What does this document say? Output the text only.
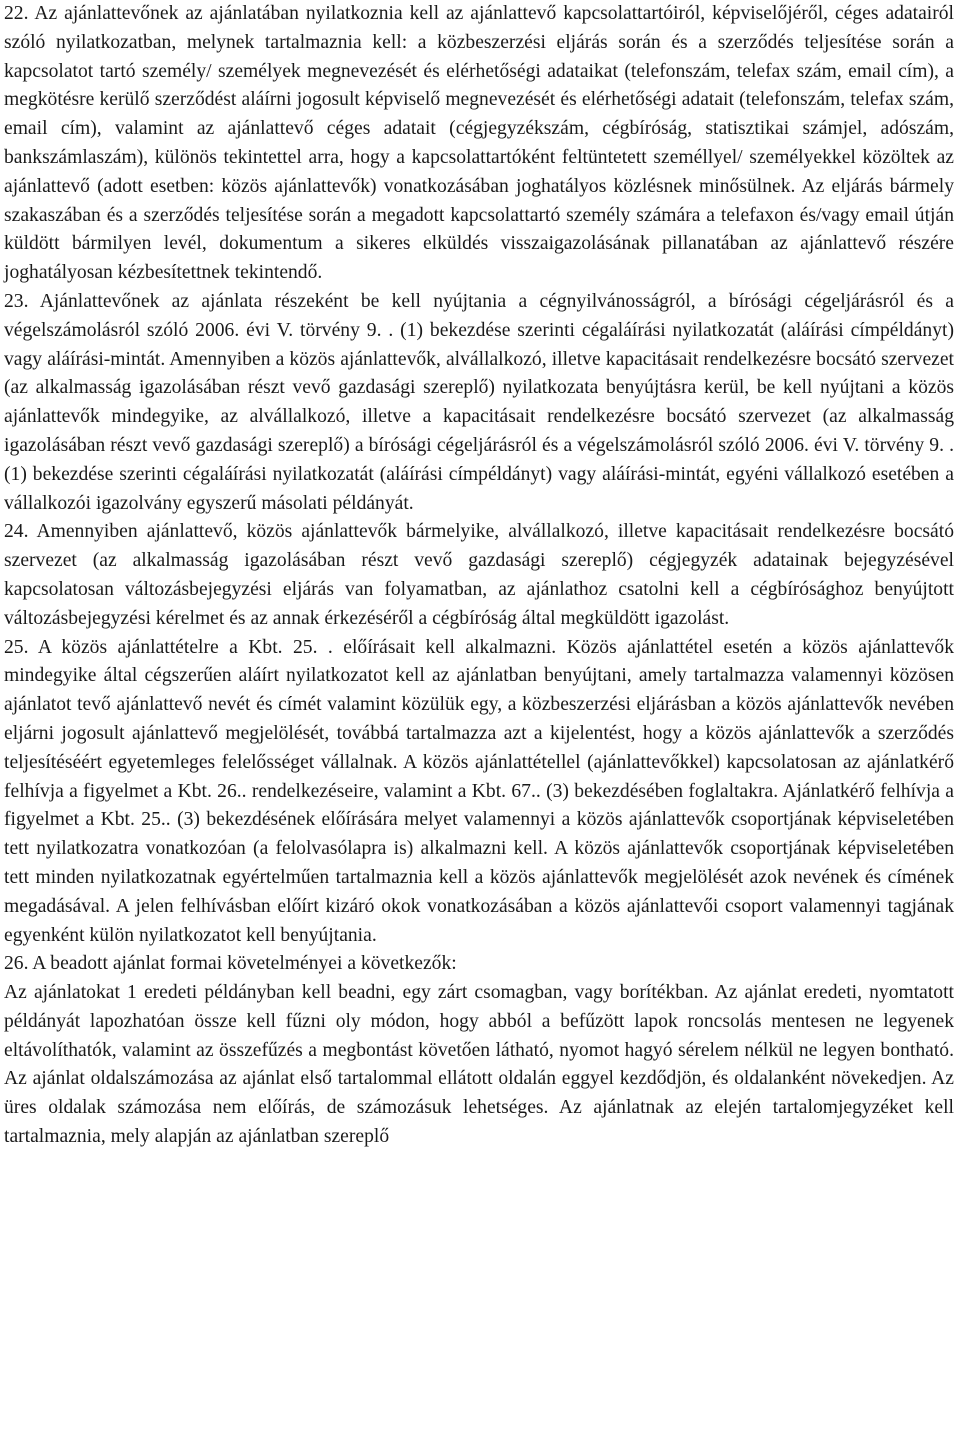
22. Az ajánlattevőnek az ajánlatában nyilatkoznia kell az ajánlattevő kapcsolattartóiról, képviselőjéről, céges adatairól szóló nyilatkozatban, melynek tartalmaznia kell: a közbeszerzési eljárás során és a szerződés teljesítése során a kapcsolatot tartó személy/ személyek megnevezését és elérhetőségi adataikat (telefonszám, telefax szám, email cím), a megkötésre kerülő szerződést aláírni jogosult képviselő megnevezését és elérhetőségi adatait (telefonszám, telefax szám, email cím), valamint az ajánlattevő céges adatait (cégjegyzékszám, cégbíróság, statisztikai számjel, adószám, bankszámlaszám), különös tekintettel arra, hogy a kapcsolattartóként feltüntetett személlyel/ személyekkel közöltek az ajánlattevő (adott esetben: közös ajánlattevők) vonatkozásában joghatályos közlésnek minősülnek. Az eljárás bármely szakaszában és a szerződés teljesítése során a megadott kapcsolattartó személy számára a telefaxon és/vagy email útján küldött bármilyen levél, dokumentum a sikeres elküldés visszaigazolásának pillanatában az ajánlattevő részére joghatályosan kézbesítettnek tekintendő.

23. Ajánlattevőnek az ajánlata részeként be kell nyújtania a cégnyilvánosságról, a bírósági cégeljárásról és a végelszámolásról szóló 2006. évi V. törvény 9. . (1) bekezdése szerinti cégaláírási nyilatkozatát (aláírási címpéldányt) vagy aláírási-mintát. Amennyiben a közös ajánlattevők, alvállalkozó, illetve kapacitásait rendelkezésre bocsátó szervezet (az alkalmasság igazolásában részt vevő gazdasági szereplő) nyilatkozata benyújtásra kerül, be kell nyújtani a közös ajánlattevők mindegyike, az alvállalkozó, illetve a kapacitásait rendelkezésre bocsátó szervezet (az alkalmasság igazolásában részt vevő gazdasági szereplő) a bírósági cégeljárásról és a végelszámolásról szóló 2006. évi V. törvény 9. . (1) bekezdése szerinti cégaláírási nyilatkozatát (aláírási címpéldányt) vagy aláírási-mintát, egyéni vállalkozó esetében a vállalkozói igazolvány egyszerű másolati példányát.

24. Amennyiben ajánlattevő, közös ajánlattevők bármelyike, alvállalkozó, illetve kapacitásait rendelkezésre bocsátó szervezet (az alkalmasság igazolásában részt vevő gazdasági szereplő) cégjegyzék adatainak bejegyzésével kapcsolatosan változásbejegyzési eljárás van folyamatban, az ajánlathoz csatolni kell a cégbírósághoz benyújtott változásbejegyzési kérelmet és az annak érkezéséről a cégbíróság által megküldött igazolást.

25. A közös ajánlattételre a Kbt. 25. . előírásait kell alkalmazni. Közös ajánlattétel esetén a közös ajánlattevők mindegyike által cégszerűen aláírt nyilatkozatot kell az ajánlatban benyújtani, amely tartalmazza valamennyi közösen ajánlatot tevő ajánlattevő nevét és címét valamint közülük egy, a közbeszerzési eljárásban a közös ajánlattevők nevében eljárni jogosult ajánlattevő megjelölését, továbbá tartalmazza azt a kijelentést, hogy a közös ajánlattevők a szerződés teljesítéséért egyetemleges felelősséget vállalnak. A közös ajánlattétellel (ajánlattevőkkel) kapcsolatosan az ajánlatkérő felhívja a figyelmet a Kbt. 26.. rendelkezéseire, valamint a Kbt. 67.. (3) bekezdésében foglaltakra. Ajánlatkérő felhívja a figyelmet a Kbt. 25.. (3) bekezdésének előírására melyet valamennyi a közös ajánlattevők csoportjának képviseletében tett nyilatkozatra vonatkozóan (a felolvasólapra is) alkalmazni kell. A közös ajánlattevők csoportjának képviseletében tett minden nyilatkozatnak egyértelműen tartalmaznia kell a közös ajánlattevők megjelölését azok nevének és címének megadásával. A jelen felhívásban előírt kizáró okok vonatkozásában a közös ajánlattevői csoport valamennyi tagjának egyenként külön nyilatkozatot kell benyújtania.

26. A beadott ajánlat formai követelményei a következők:

Az ajánlatokat 1 eredeti példányban kell beadni, egy zárt csomagban, vagy borítékban. Az ajánlat eredeti, nyomtatott példányát lapozhatóan össze kell fűzni oly módon, hogy abból a befűzött lapok roncsolás mentesen ne legyenek eltávolíthatók, valamint az összefűzés a megbontást követően látható, nyomot hagyó sérelem nélkül ne legyen bontható. Az ajánlat oldalszámozása az ajánlat első tartalommal ellátott oldalán eggyel kezdődjön, és oldalanként növekedjen. Az üres oldalak számozása nem előírás, de számozásuk lehetséges. Az ajánlatnak az elején tartalomjegyzéket kell tartalmaznia, mely alapján az ajánlatban szereplő
